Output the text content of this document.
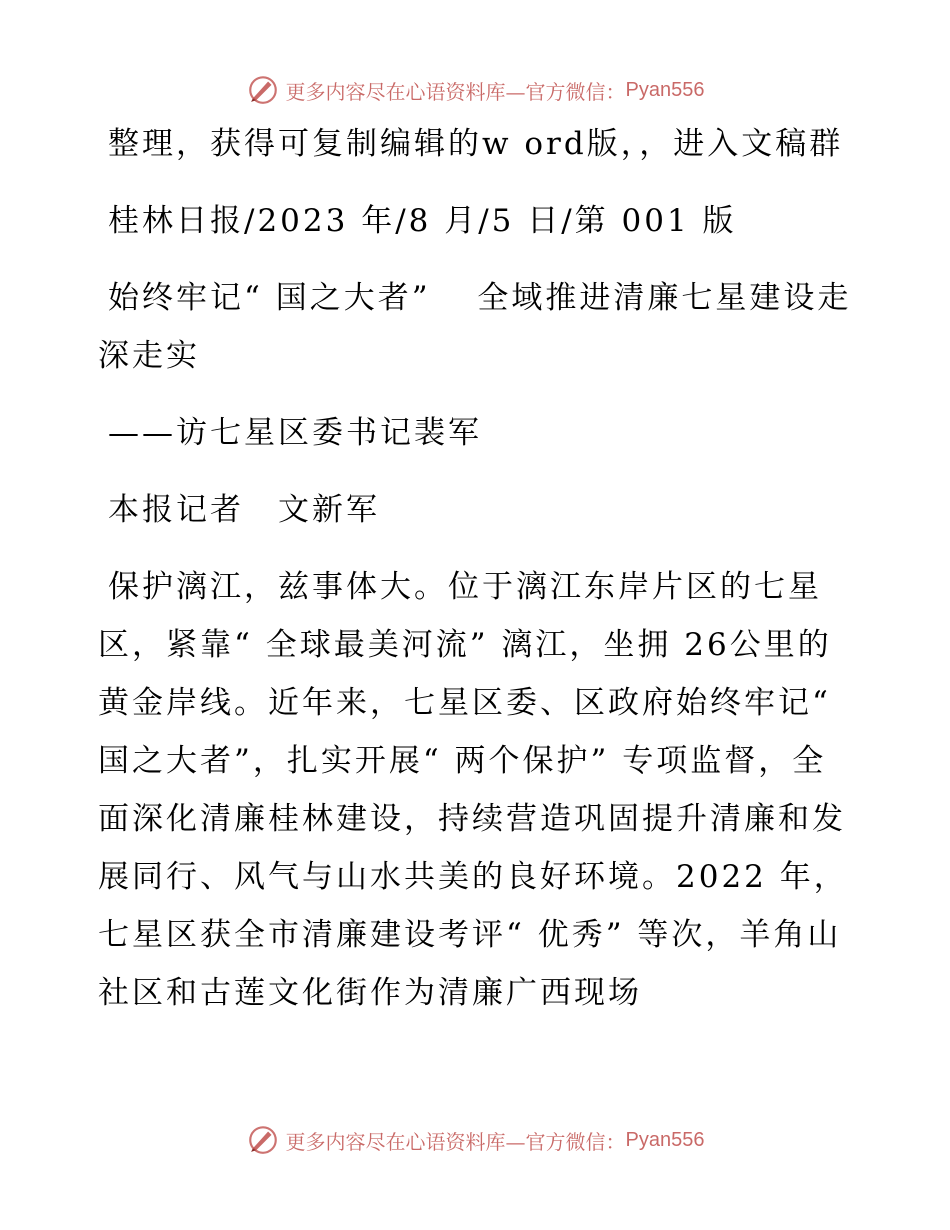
更多内容尽在心语资料库—官方微信： Pyan556

整理，获得可复制编辑的w ord版，，进入文稿群

桂林日报/2023 年/8 月/5 日/第 001 版

始终牢记“ 国之大者” 　全域推进清廉七星建设走深走实

——访七星区委书记裴军

本报记者　文新军

保护漓江，兹事体大。位于漓江东岸片区的七星区，紧靠“ 全球最美河流” 漓江，坐拥 26公里的黄金岸线。近年来，七星区委、区政府始终牢记“ 国之大者”，扎实开展“ 两个保护” 专项监督，全面深化清廉桂林建设，持续营造巩固提升清廉和发展同行、风气与山水共美的良好环境。2022 年，七星区获全市清廉建设考评“ 优秀” 等次，羊角山社区和古莲文化街作为清廉广西现场

更多内容尽在心语资料库—官方微信： Pyan556
